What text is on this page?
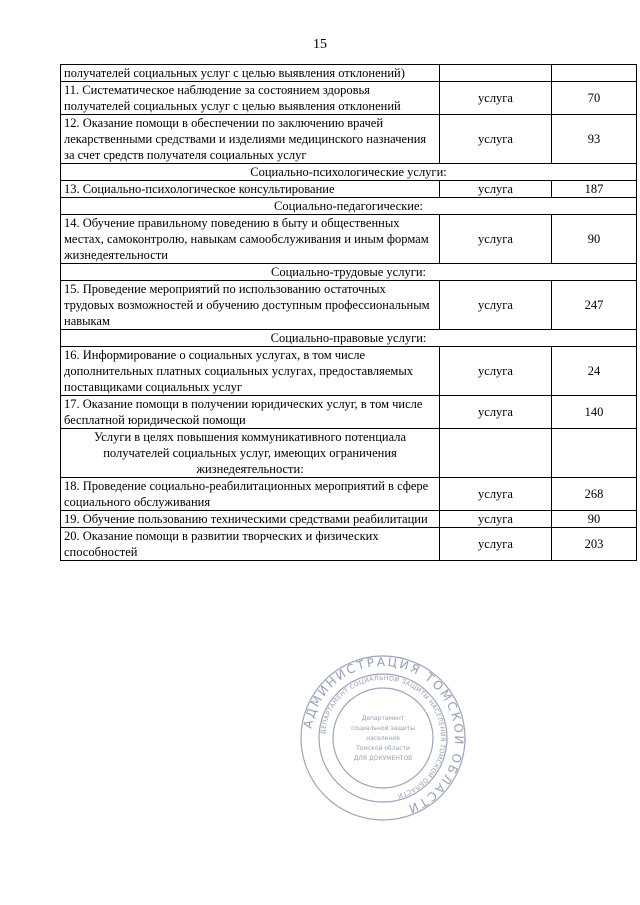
15
получателей социальных услуг с целью выявления отклонений)		
11. Систематическое наблюдение за состоянием здоровья получателей социальных услуг с целью выявления отклонений	услуга	70
12. Оказание помощи в обеспечении по заключению врачей лекарственными средствами и изделиями медицинского назначения за счет средств получателя социальных услуг	услуга	93
Социально-психологические услуги:		
13. Социально-психологическое консультирование	услуга	187
Социально-педагогические:		
14. Обучение правильному поведению в быту и общественных местах, самоконтролю, навыкам самообслуживания и иным формам жизнедеятельности	услуга	90
Социально-трудовые услуги:		
15. Проведение мероприятий по использованию остаточных трудовых возможностей и обучению доступным профессиональным навыкам	услуга	247
Социально-правовые услуги:		
16. Информирование о социальных услугах, в том числе дополнительных платных социальных услугах, предоставляемых поставщиками социальных услуг	услуга	24
17. Оказание помощи в получении юридических услуг, в том числе бесплатной юридической помощи	услуга	140
Услуги в целях повышения коммуникативного потенциала получателей социальных услуг, имеющих ограничения жизнедеятельности:		
18. Проведение социально-реабилитационных мероприятий в сфере социального обслуживания	услуга	268
19. Обучение пользованию техническими средствами реабилитации	услуга	90
20. Оказание помощи в развитии творческих и физических способностей	услуга	203
АДМИНИСТРАЦИЯ ТОМСКОЙ ОБЛАСТИ
ДЕПАРТАМЕНТ СОЦИАЛЬНОЙ ЗАЩИТЫ НАСЕЛЕНИЯ ТОМСКОЙ ОБЛАСТИ
Департамент
социальной защиты
населения
Томской области
ДЛЯ ДОКУМЕНТОВ
